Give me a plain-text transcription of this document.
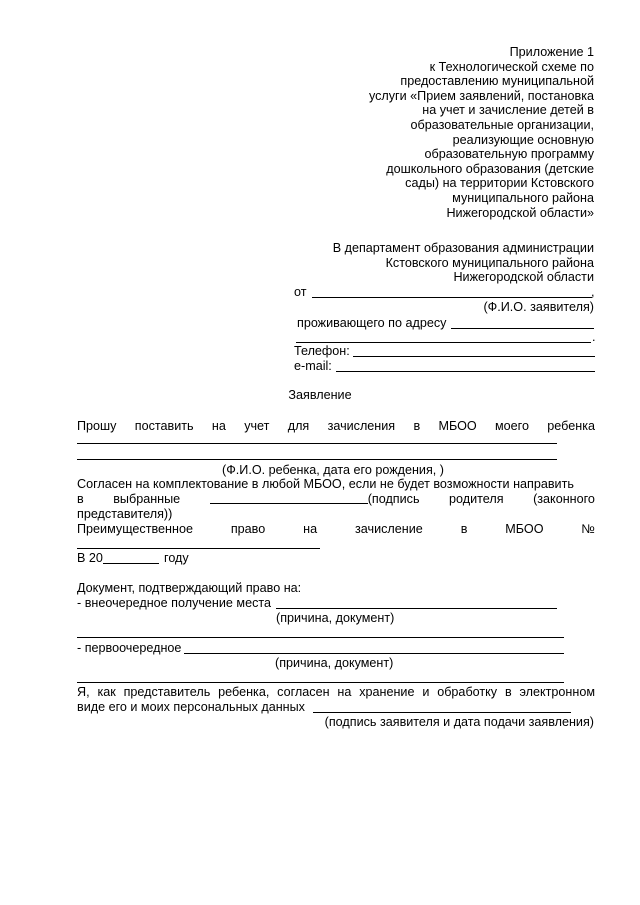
Приложение 1
к Технологической схеме по
предоставлению муниципальной
услуги «Прием заявлений, постановка
на учет и зачисление детей в
образовательные организации,
реализующие основную
образовательную программу
дошкольного образования (детские
сады) на территории Кстовского
муниципального района
Нижегородской области»
В департамент образования администрации
Кстовского муниципального района
Нижегородской области
от	,
(Ф.И.О. заявителя)
проживающего по адресу
.
Телефон:
e-mail:
Заявление
Прошу поставить на учет для зачисления в МБОО моего ребенка
(Ф.И.О. ребенка, дата его рождения, )
Согласен на комплектование в любой МБОО, если не будет возможности направить
в выбранные	(подпись родителя (законного
представителя))
Преимущественное	право	на	зачисление	в	МБОО	№
В 20	году
Документ, подтверждающий право на:
- внеочередное получение места
(причина, документ)
- первоочередное
(причина, документ)
Я, как представитель ребенка, согласен на хранение и обработку в электронном
виде его и моих персональных данных
(подпись заявителя и дата подачи заявления)
